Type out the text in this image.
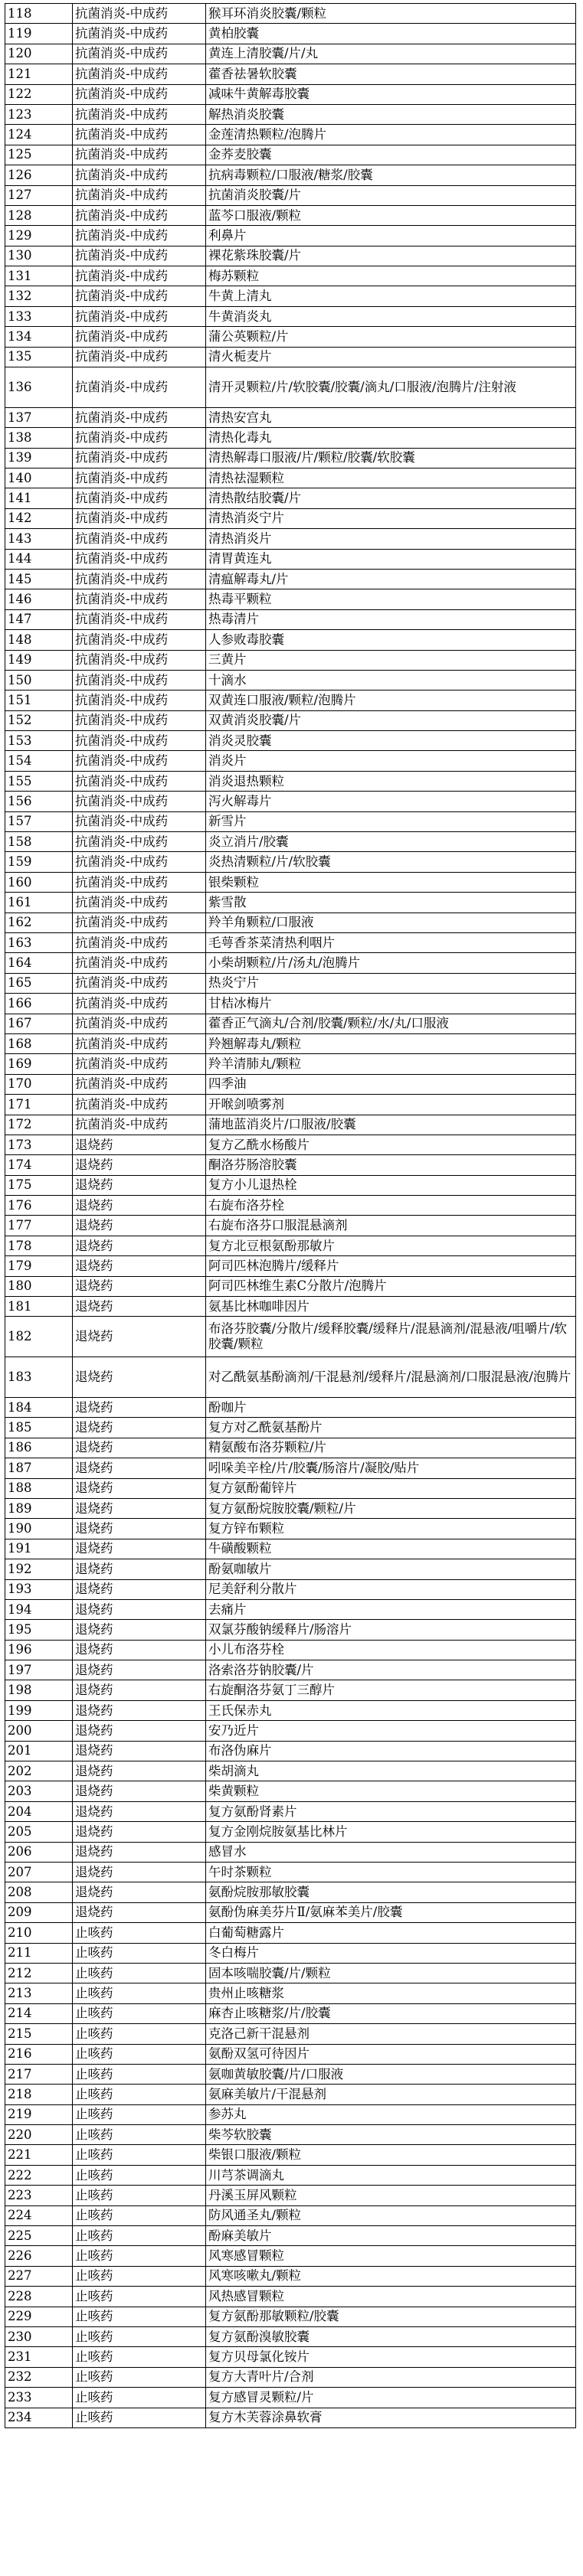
118	抗菌消炎-中成药	猴耳环消炎胶囊/颗粒
119	抗菌消炎-中成药	黄柏胶囊
120	抗菌消炎-中成药	黄连上清胶囊/片/丸
121	抗菌消炎-中成药	藿香祛暑软胶囊
122	抗菌消炎-中成药	减味牛黄解毒胶囊
123	抗菌消炎-中成药	解热消炎胶囊
124	抗菌消炎-中成药	金莲清热颗粒/泡腾片
125	抗菌消炎-中成药	金荞麦胶囊
126	抗菌消炎-中成药	抗病毒颗粒/口服液/糖浆/胶囊
127	抗菌消炎-中成药	抗菌消炎胶囊/片
128	抗菌消炎-中成药	蓝芩口服液/颗粒
129	抗菌消炎-中成药	利鼻片
130	抗菌消炎-中成药	裸花紫珠胶囊/片
131	抗菌消炎-中成药	梅苏颗粒
132	抗菌消炎-中成药	牛黄上清丸
133	抗菌消炎-中成药	牛黄消炎丸
134	抗菌消炎-中成药	蒲公英颗粒/片
135	抗菌消炎-中成药	清火栀麦片
136	抗菌消炎-中成药	清开灵颗粒/片/软胶囊/胶囊/滴丸/口服液/泡腾片/注射液
137	抗菌消炎-中成药	清热安宫丸
138	抗菌消炎-中成药	清热化毒丸
139	抗菌消炎-中成药	清热解毒口服液/片/颗粒/胶囊/软胶囊
140	抗菌消炎-中成药	清热祛湿颗粒
141	抗菌消炎-中成药	清热散结胶囊/片
142	抗菌消炎-中成药	清热消炎宁片
143	抗菌消炎-中成药	清热消炎片
144	抗菌消炎-中成药	清胃黄连丸
145	抗菌消炎-中成药	清瘟解毒丸/片
146	抗菌消炎-中成药	热毒平颗粒
147	抗菌消炎-中成药	热毒清片
148	抗菌消炎-中成药	人参败毒胶囊
149	抗菌消炎-中成药	三黄片
150	抗菌消炎-中成药	十滴水
151	抗菌消炎-中成药	双黄连口服液/颗粒/泡腾片
152	抗菌消炎-中成药	双黄消炎胶囊/片
153	抗菌消炎-中成药	消炎灵胶囊
154	抗菌消炎-中成药	消炎片
155	抗菌消炎-中成药	消炎退热颗粒
156	抗菌消炎-中成药	泻火解毒片
157	抗菌消炎-中成药	新雪片
158	抗菌消炎-中成药	炎立消片/胶囊
159	抗菌消炎-中成药	炎热清颗粒/片/软胶囊
160	抗菌消炎-中成药	银柴颗粒
161	抗菌消炎-中成药	紫雪散
162	抗菌消炎-中成药	羚羊角颗粒/口服液
163	抗菌消炎-中成药	毛萼香茶菜清热利咽片
164	抗菌消炎-中成药	小柴胡颗粒/片/汤丸/泡腾片
165	抗菌消炎-中成药	热炎宁片
166	抗菌消炎-中成药	甘桔冰梅片
167	抗菌消炎-中成药	藿香正气滴丸/合剂/胶囊/颗粒/水/丸/口服液
168	抗菌消炎-中成药	羚翘解毒丸/颗粒
169	抗菌消炎-中成药	羚羊清肺丸/颗粒
170	抗菌消炎-中成药	四季油
171	抗菌消炎-中成药	开喉剑喷雾剂
172	抗菌消炎-中成药	蒲地蓝消炎片/口服液/胶囊
173	退烧药	复方乙酰水杨酸片
174	退烧药	酮洛芬肠溶胶囊
175	退烧药	复方小儿退热栓
176	退烧药	右旋布洛芬栓
177	退烧药	右旋布洛芬口服混悬滴剂
178	退烧药	复方北豆根氨酚那敏片
179	退烧药	阿司匹林泡腾片/缓释片
180	退烧药	阿司匹林维生素C分散片/泡腾片
181	退烧药	氨基比林咖啡因片
182	退烧药	布洛芬胶囊/分散片/缓释胶囊/缓释片/混悬滴剂/混悬液/咀嚼片/软胶囊/颗粒
183	退烧药	对乙酰氨基酚滴剂/干混悬剂/缓释片/混悬滴剂/口服混悬液/泡腾片
184	退烧药	酚咖片
185	退烧药	复方对乙酰氨基酚片
186	退烧药	精氨酸布洛芬颗粒/片
187	退烧药	吲哚美辛栓/片/胶囊/肠溶片/凝胶/贴片
188	退烧药	复方氨酚葡锌片
189	退烧药	复方氨酚烷胺胶囊/颗粒/片
190	退烧药	复方锌布颗粒
191	退烧药	牛磺酸颗粒
192	退烧药	酚氨咖敏片
193	退烧药	尼美舒利分散片
194	退烧药	去痛片
195	退烧药	双氯芬酸钠缓释片/肠溶片
196	退烧药	小儿布洛芬栓
197	退烧药	洛索洛芬钠胶囊/片
198	退烧药	右旋酮洛芬氨丁三醇片
199	退烧药	王氏保赤丸
200	退烧药	安乃近片
201	退烧药	布洛伪麻片
202	退烧药	柴胡滴丸
203	退烧药	柴黄颗粒
204	退烧药	复方氨酚肾素片
205	退烧药	复方金刚烷胺氨基比林片
206	退烧药	感冒水
207	退烧药	午时茶颗粒
208	退烧药	氨酚烷胺那敏胶囊
209	退烧药	氨酚伪麻美芬片Ⅱ/氨麻苯美片/胶囊
210	止咳药	白葡萄糖露片
211	止咳药	冬白梅片
212	止咳药	固本咳喘胶囊/片/颗粒
213	止咳药	贵州止咳糖浆
214	止咳药	麻杏止咳糖浆/片/胶囊
215	止咳药	克洛己新干混悬剂
216	止咳药	氨酚双氢可待因片
217	止咳药	氨咖黄敏胶囊/片/口服液
218	止咳药	氨麻美敏片/干混悬剂
219	止咳药	参苏丸
220	止咳药	柴芩软胶囊
221	止咳药	柴银口服液/颗粒
222	止咳药	川芎茶调滴丸
223	止咳药	丹溪玉屏风颗粒
224	止咳药	防风通圣丸/颗粒
225	止咳药	酚麻美敏片
226	止咳药	风寒感冒颗粒
227	止咳药	风寒咳嗽丸/颗粒
228	止咳药	风热感冒颗粒
229	止咳药	复方氨酚那敏颗粒/胶囊
230	止咳药	复方氨酚溴敏胶囊
231	止咳药	复方贝母氯化铵片
232	止咳药	复方大青叶片/合剂
233	止咳药	复方感冒灵颗粒/片
234	止咳药	复方木芙蓉涂鼻软膏
